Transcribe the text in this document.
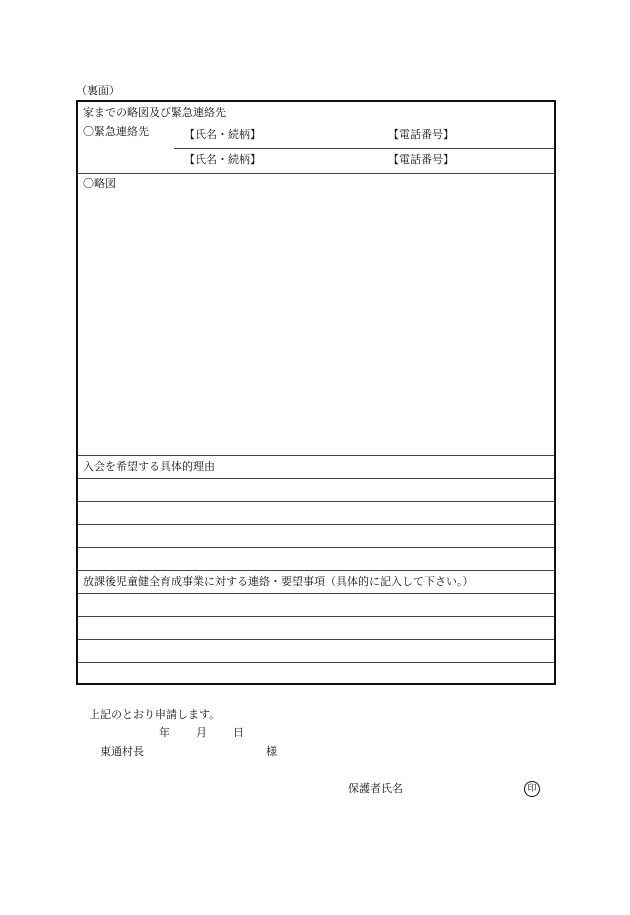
（裏面）
家までの略図及び緊急連絡先
〇緊急連絡先	【氏名・続柄】	【電話番号】
【氏名・続柄】	【電話番号】
〇略図
入会を希望する具体的理由
放課後児童健全育成事業に対する連絡・要望事項（具体的に記入して下さい。）
上記のとおり申請します。
年 月 日
東通村長	様
保護者氏名	印
